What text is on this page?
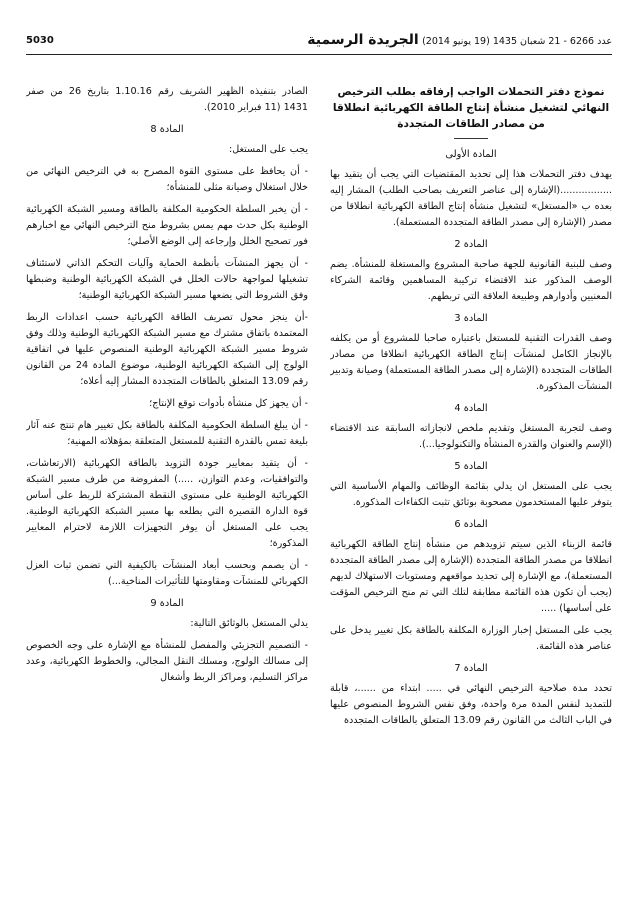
5030	الجريدة الرسمية عدد 6266 - 21 شعبان 1435 (19 يونيو 2014)

نموذج دفتر التحملات الواجب إرفاقه بطلب الترخيص النهائي لتشغيل منشأة إنتاج الطاقة الكهربائية انطلاقا من مصادر الطاقات المتجددة

المادة الأولى

يهدف دفتر التحملات هذا إلى تحديد المقتضيات التي يجب أن يتقيد بها .................(الإشارة إلى عناصر التعريف بصاحب الطلب) المشار إليه بعده ب «المستغل» لتشغيل منشأة إنتاج الطاقة الكهربائية انطلاقا من مصدر (الإشارة إلى مصدر الطاقة المتجددة المستعملة).

المادة 2

وصف للبنية القانونية للجهة صاحبة المشروع والمستغلة للمنشأة. يضم الوصف المذكور عند الاقتضاء تركيبة المساهمين وقائمة الشركاء المعنيين وأدوارهم وطبيعة العلاقة التي تربطهم.

المادة 3

وصف القدرات التقنية للمستغل باعتباره صاحبا للمشروع أو من يكلفه بالإنجاز الكامل لمنشآت إنتاج الطاقة الكهربائية انطلاقا من مصادر الطاقات المتجددة (الإشارة إلى مصدر الطاقة المستعملة) وصيانة وتدبير المنشآت المذكورة.

المادة 4

وصف لتجربة المستغل وتقديم ملخص لانجازاته السابقة عند الاقتضاء (الإسم والعنوان والقدرة المنشأة والتكنولوجيا...).

المادة 5

يجب على المستغل ان يدلي بقائمة الوظائف والمهام الأساسية التي يتوفر عليها المستخدمون مصحوبة بوثائق تثبت الكفاءات المذكورة.

المادة 6

قائمة الزبناء الذين سيتم تزويدهم من منشأة إنتاج الطاقة الكهربائية انطلاقا من مصدر الطاقة المتجددة (الإشارة إلى مصدر الطاقة المتجددة المستعملة)، مع الإشارة إلى تحديد مواقعهم ومستويات الاستهلاك لديهم (يجب أن تكون هذه القائمة مطابقة لتلك التي تم منح الترخيص المؤقت على أساسها) .....

يجب على المستغل إخبار الوزارة المكلفة بالطاقة بكل تغيير يدخل على عناصر هذه القائمة.

المادة 7

تحدد مدة صلاحية الترخيص النهائي في ..... ابتداء من ......، قابلة للتمديد لنفس المدة مرة واحدة، وفق نفس الشروط المنصوص عليها في الباب الثالث من القانون رقم 13.09 المتعلق بالطاقات المتجددة

الصادر بتنفيذه الظهير الشريف رقم 1.10.16 بتاريخ 26 من صفر 1431 (11 فبراير 2010).

المادة 8

يجب على المستغل:

- أن يحافظ على مستوى القوة المصرح به في الترخيص النهائي من خلال استغلال وصيانة مثلى للمنشأة؛

- أن يخبر السلطة الحكومية المكلفة بالطاقة ومسير الشبكة الكهربائية الوطنية بكل حدث مهم يمس بشروط منح الترخيص النهائي مع اخبارهم فور تصحيح الخلل وإرجاعه إلى الوضع الأصلي؛

- أن يجهز المنشآت بأنظمة الحماية وآليات التحكم الذاتي لاستئناف تشغيلها لمواجهة حالات الخلل في الشبكة الكهربائية الوطنية وضبطها وفق الشروط التي يضعها مسير الشبكة الكهربائية الوطنية؛

-أن ينجز محول تصريف الطاقة الكهربائية حسب اعدادات الربط المعتمدة باتفاق مشترك مع مسير الشبكة الكهربائية الوطنية وذلك وفق شروط مسير الشبكة الكهربائية الوطنية المنصوص عليها في اتفاقية الولوج إلى الشبكة الكهربائية الوطنية، موضوع المادة 24 من القانون رقم 13.09 المتعلق بالطاقات المتجددة المشار إليه أعلاه؛

- أن يجهز كل منشأة بأدوات توقع الإنتاج؛

- أن يبلغ السلطة الحكومية المكلفة بالطاقة بكل تغيير هام تنتج عنه آثار بليغة تمس بالقدرة التقنية للمستغل المتعلقة بمؤهلاته المهنية؛

- أن يتقيد بمعايير جودة التزويد بالطاقة الكهربائية (الارتعاشات، والتوافقيات، وعدم التوازن، .....) المفروضة من طرف مسير الشبكة الكهربائية الوطنية على مستوى النقطة المشتركة للربط على أساس قوة الدارة القصيرة التي يطلعه بها مسير الشبكة الكهربائية الوطنية. يجب على المستغل أن يوفر التجهيزات اللازمة لاحترام المعايير المذكورة؛

- أن يصمم وبحسب أبعاد المنشآت بالكيفية التي تضمن ثبات العزل الكهربائي للمنشآت ومقاومتها للتأثيرات المناخية...)

المادة 9

يدلي المستغل بالوثائق التالية:

- التصميم التجزيئي والمفصل للمنشأة مع الإشارة على وجه الخصوص إلى مسالك الولوج، ومسلك النقل المجالي، والخطوط الكهربائية، وعدد مراكز التسليم، ومراكز الربط وأشغال
